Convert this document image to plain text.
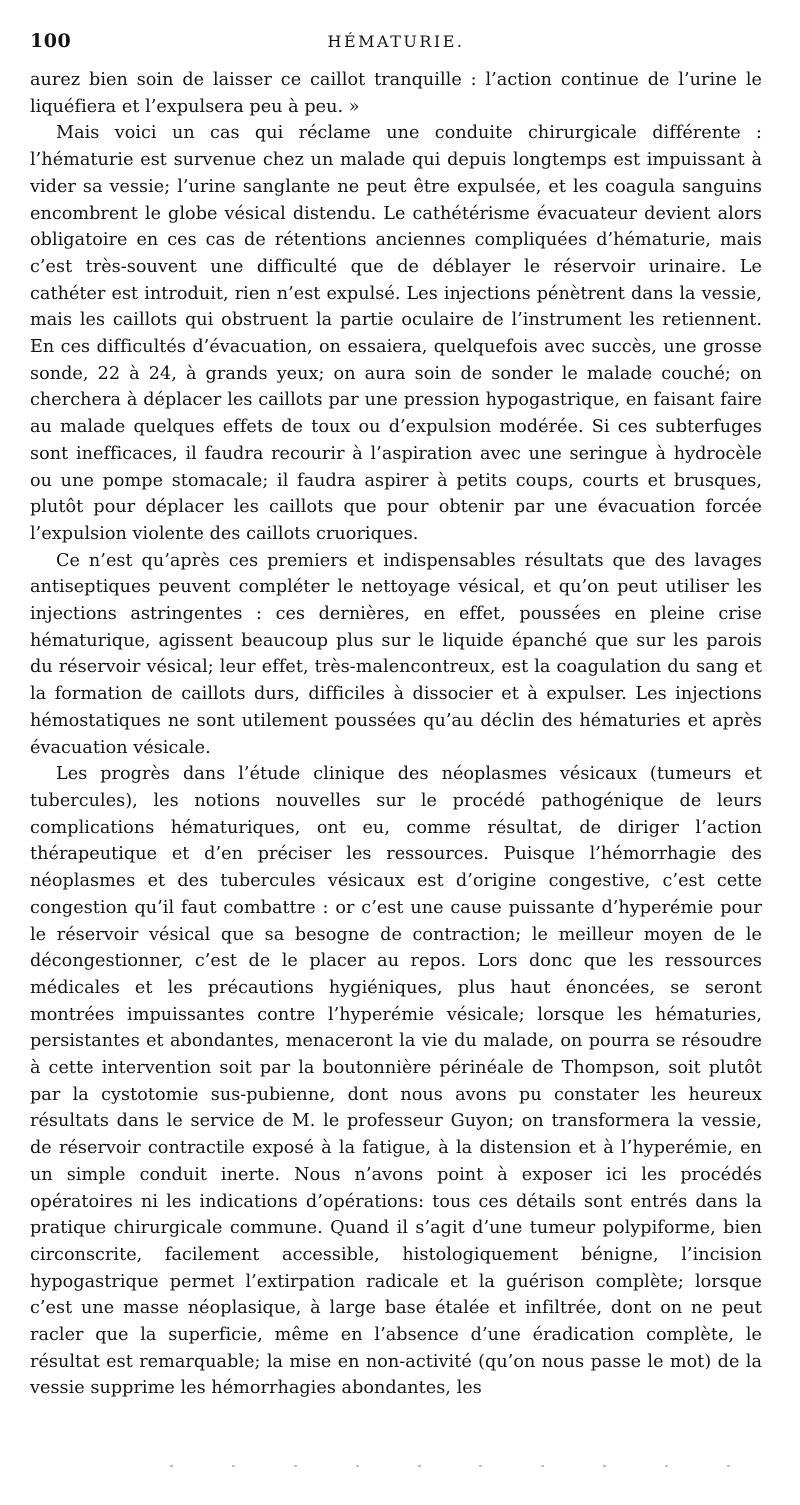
100	HÉMATURIE.

aurez bien soin de laisser ce caillot tranquille : l’action continue de l’urine le liquéfiera et l’expulsera peu à peu. »

Mais voici un cas qui réclame une conduite chirurgicale différente : l’hématurie est survenue chez un malade qui depuis longtemps est impuissant à vider sa vessie; l’urine sanglante ne peut être expulsée, et les coagula sanguins encombrent le globe vésical distendu. Le cathétérisme évacuateur devient alors obligatoire en ces cas de rétentions anciennes compliquées d’hématurie, mais c’est très-souvent une difficulté que de déblayer le réservoir urinaire. Le cathéter est introduit, rien n’est expulsé. Les injections pénètrent dans la vessie, mais les caillots qui obstruent la partie oculaire de l’instrument les retiennent. En ces difficultés d’évacuation, on essaiera, quelquefois avec succès, une grosse sonde, 22 à 24, à grands yeux; on aura soin de sonder le malade couché; on cherchera à déplacer les caillots par une pression hypogastrique, en faisant faire au malade quelques effets de toux ou d’expulsion modérée. Si ces subterfuges sont inefficaces, il faudra recourir à l’aspiration avec une seringue à hydrocèle ou une pompe stomacale; il faudra aspirer à petits coups, courts et brusques, plutôt pour déplacer les caillots que pour obtenir par une évacuation forcée l’expulsion violente des caillots cruoriques.

Ce n’est qu’après ces premiers et indispensables résultats que des lavages antiseptiques peuvent compléter le nettoyage vésical, et qu’on peut utiliser les injections astringentes : ces dernières, en effet, poussées en pleine crise hématurique, agissent beaucoup plus sur le liquide épanché que sur les parois du réservoir vésical; leur effet, très-malencontreux, est la coagulation du sang et la formation de caillots durs, difficiles à dissocier et à expulser. Les injections hémostatiques ne sont utilement poussées qu’au déclin des hématuries et après évacuation vésicale.

Les progrès dans l’étude clinique des néoplasmes vésicaux (tumeurs et tubercules), les notions nouvelles sur le procédé pathogénique de leurs complications hématuriques, ont eu, comme résultat, de diriger l’action thérapeutique et d’en préciser les ressources. Puisque l’hémorrhagie des néoplasmes et des tubercules vésicaux est d’origine congestive, c’est cette congestion qu’il faut combattre : or c’est une cause puissante d’hyperémie pour le réservoir vésical que sa besogne de contraction; le meilleur moyen de le décongestionner, c’est de le placer au repos. Lors donc que les ressources médicales et les précautions hygiéniques, plus haut énoncées, se seront montrées impuissantes contre l’hyperémie vésicale; lorsque les hématuries, persistantes et abondantes, menaceront la vie du malade, on pourra se résoudre à cette intervention soit par la boutonnière périnéale de Thompson, soit plutôt par la cystotomie sus-pubienne, dont nous avons pu constater les heureux résultats dans le service de M. le professeur Guyon; on transformera la vessie, de réservoir contractile exposé à la fatigue, à la distension et à l’hyperémie, en un simple conduit inerte. Nous n’avons point à exposer ici les procédés opératoires ni les indications d’opérations: tous ces détails sont entrés dans la pratique chirurgicale commune. Quand il s’agit d’une tumeur polypiforme, bien circonscrite, facilement accessible, histologiquement bénigne, l’incision hypogastrique permet l’extirpation radicale et la guérison complète; lorsque c’est une masse néoplasique, à large base étalée et infiltrée, dont on ne peut racler que la superficie, même en l’absence d’une éradication complète, le résultat est remarquable; la mise en non-activité (qu’on nous passe le mot) de la vessie supprime les hémorrhagies abondantes, les
